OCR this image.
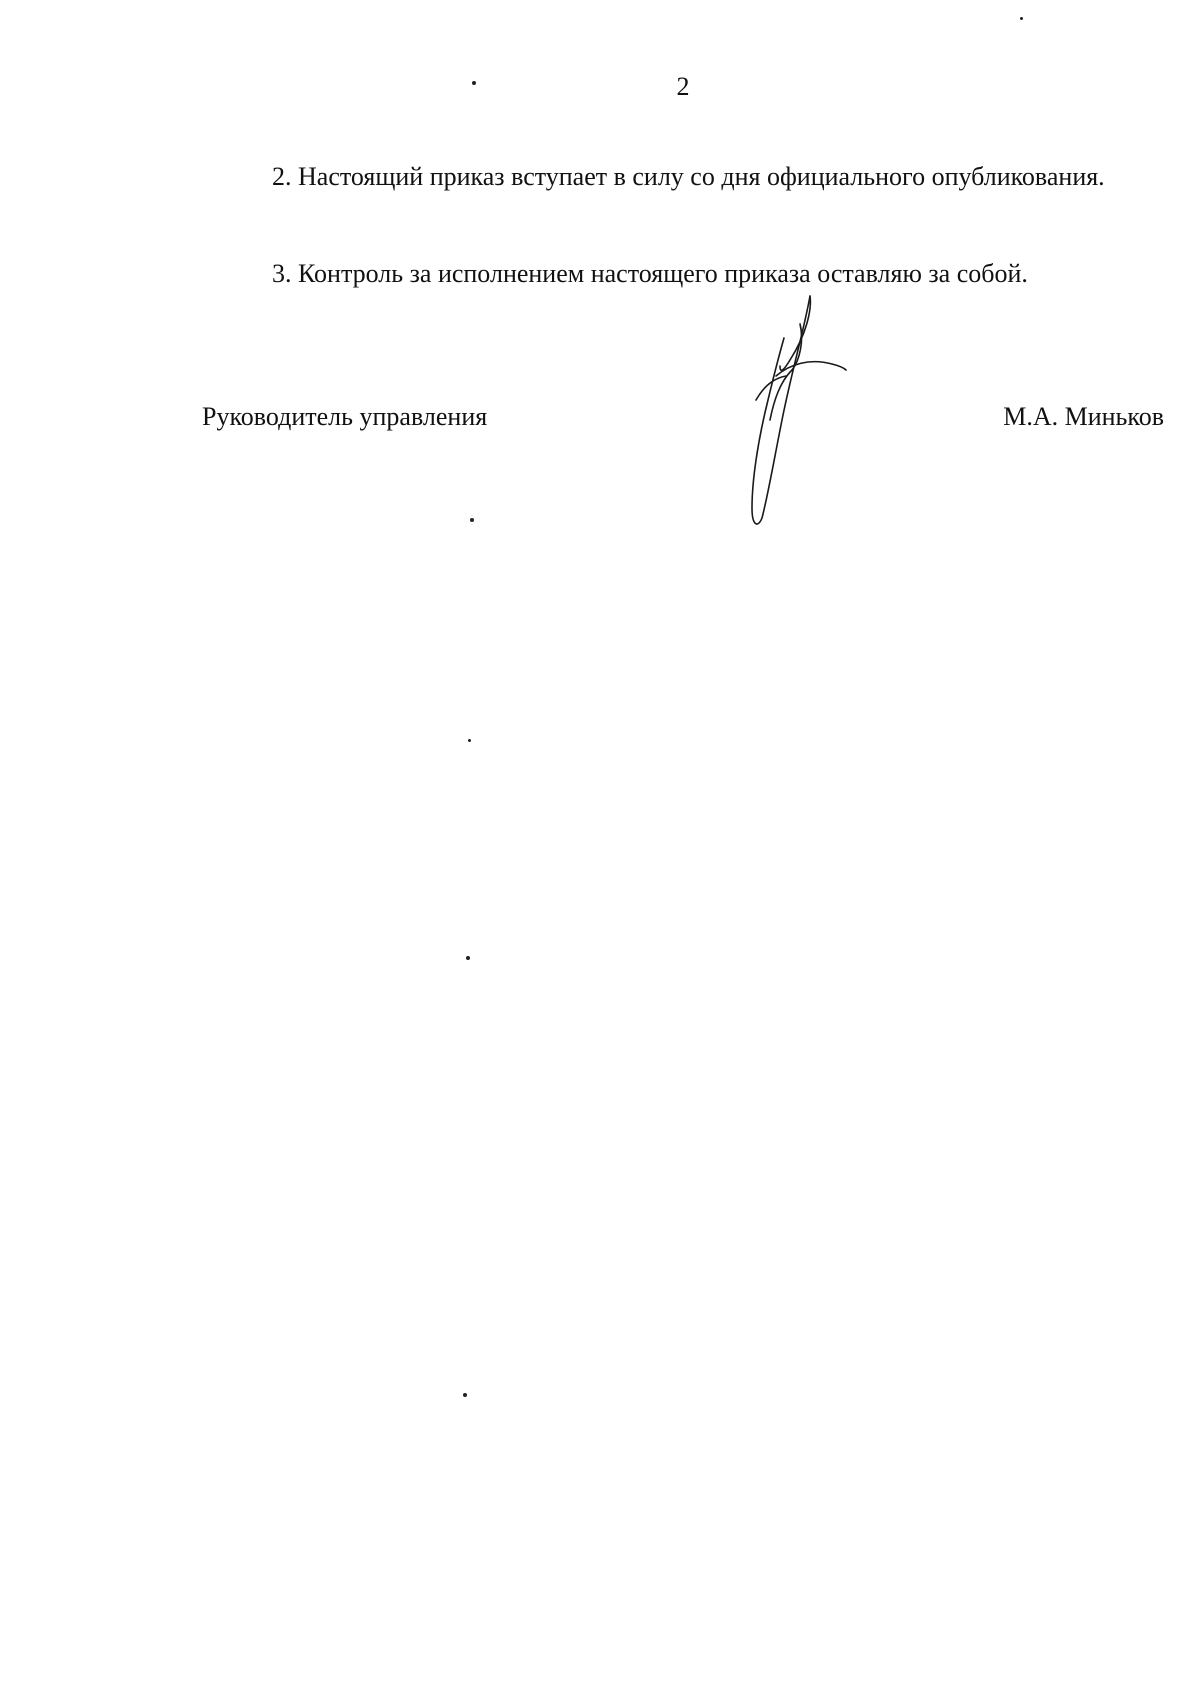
2
2. Настоящий приказ вступает в силу со дня официального опубликования.
3. Контроль за исполнением настоящего приказа оставляю за собой.
Руководитель управления	М.А. Миньков
